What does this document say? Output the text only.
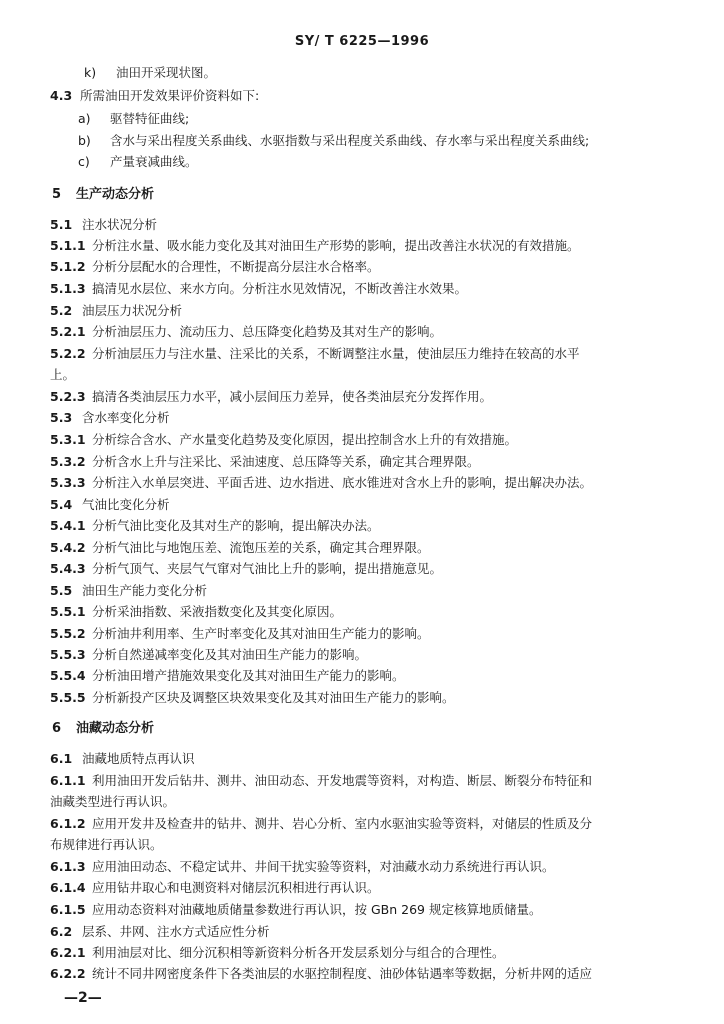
SY/ T 6225—1996
k) 油田开采现状图。
4.3 所需油田开发效果评价资料如下:
a) 驱替特征曲线;
b) 含水与采出程度关系曲线、水驱指数与采出程度关系曲线、存水率与采出程度关系曲线;
c) 产量衰减曲线。
5 生产动态分析
5.1 注水状况分析
5.1.1 分析注水量、吸水能力变化及其对油田生产形势的影响，提出改善注水状况的有效措施。
5.1.2 分析分层配水的合理性，不断提高分层注水合格率。
5.1.3 搞清见水层位、来水方向。分析注水见效情况，不断改善注水效果。
5.2 油层压力状况分析
5.2.1 分析油层压力、流动压力、总压降变化趋势及其对生产的影响。
5.2.2 分析油层压力与注水量、注采比的关系，不断调整注水量，使油层压力维持在较高的水平
上。
5.2.3 搞清各类油层压力水平，减小层间压力差异，使各类油层充分发挥作用。
5.3 含水率变化分析
5.3.1 分析综合含水、产水量变化趋势及变化原因，提出控制含水上升的有效措施。
5.3.2 分析含水上升与注采比、采油速度、总压降等关系，确定其合理界限。
5.3.3 分析注入水单层突进、平面舌进、边水指进、底水锥进对含水上升的影响，提出解决办法。
5.4 气油比变化分析
5.4.1 分析气油比变化及其对生产的影响，提出解决办法。
5.4.2 分析气油比与地饱压差、流饱压差的关系，确定其合理界限。
5.4.3 分析气顶气、夹层气气窜对气油比上升的影响，提出措施意见。
5.5 油田生产能力变化分析
5.5.1 分析采油指数、采液指数变化及其变化原因。
5.5.2 分析油井利用率、生产时率变化及其对油田生产能力的影响。
5.5.3 分析自然递减率变化及其对油田生产能力的影响。
5.5.4 分析油田增产措施效果变化及其对油田生产能力的影响。
5.5.5 分析新投产区块及调整区块效果变化及其对油田生产能力的影响。
6 油藏动态分析
6.1 油藏地质特点再认识
6.1.1 利用油田开发后钻井、测井、油田动态、开发地震等资料，对构造、断层、断裂分布特征和
油藏类型进行再认识。
6.1.2 应用开发井及检查井的钻井、测井、岩心分析、室内水驱油实验等资料，对储层的性质及分
布规律进行再认识。
6.1.3 应用油田动态、不稳定试井、井间干扰实验等资料，对油藏水动力系统进行再认识。
6.1.4 应用钻井取心和电测资料对储层沉积相进行再认识。
6.1.5 应用动态资料对油藏地质储量参数进行再认识，按 GBn 269 规定核算地质储量。
6.2 层系、井网、注水方式适应性分析
6.2.1 利用油层对比、细分沉积相等新资料分析各开发层系划分与组合的合理性。
6.2.2 统计不同井网密度条件下各类油层的水驱控制程度、油砂体钻遇率等数据，分析井网的适应
—2—
